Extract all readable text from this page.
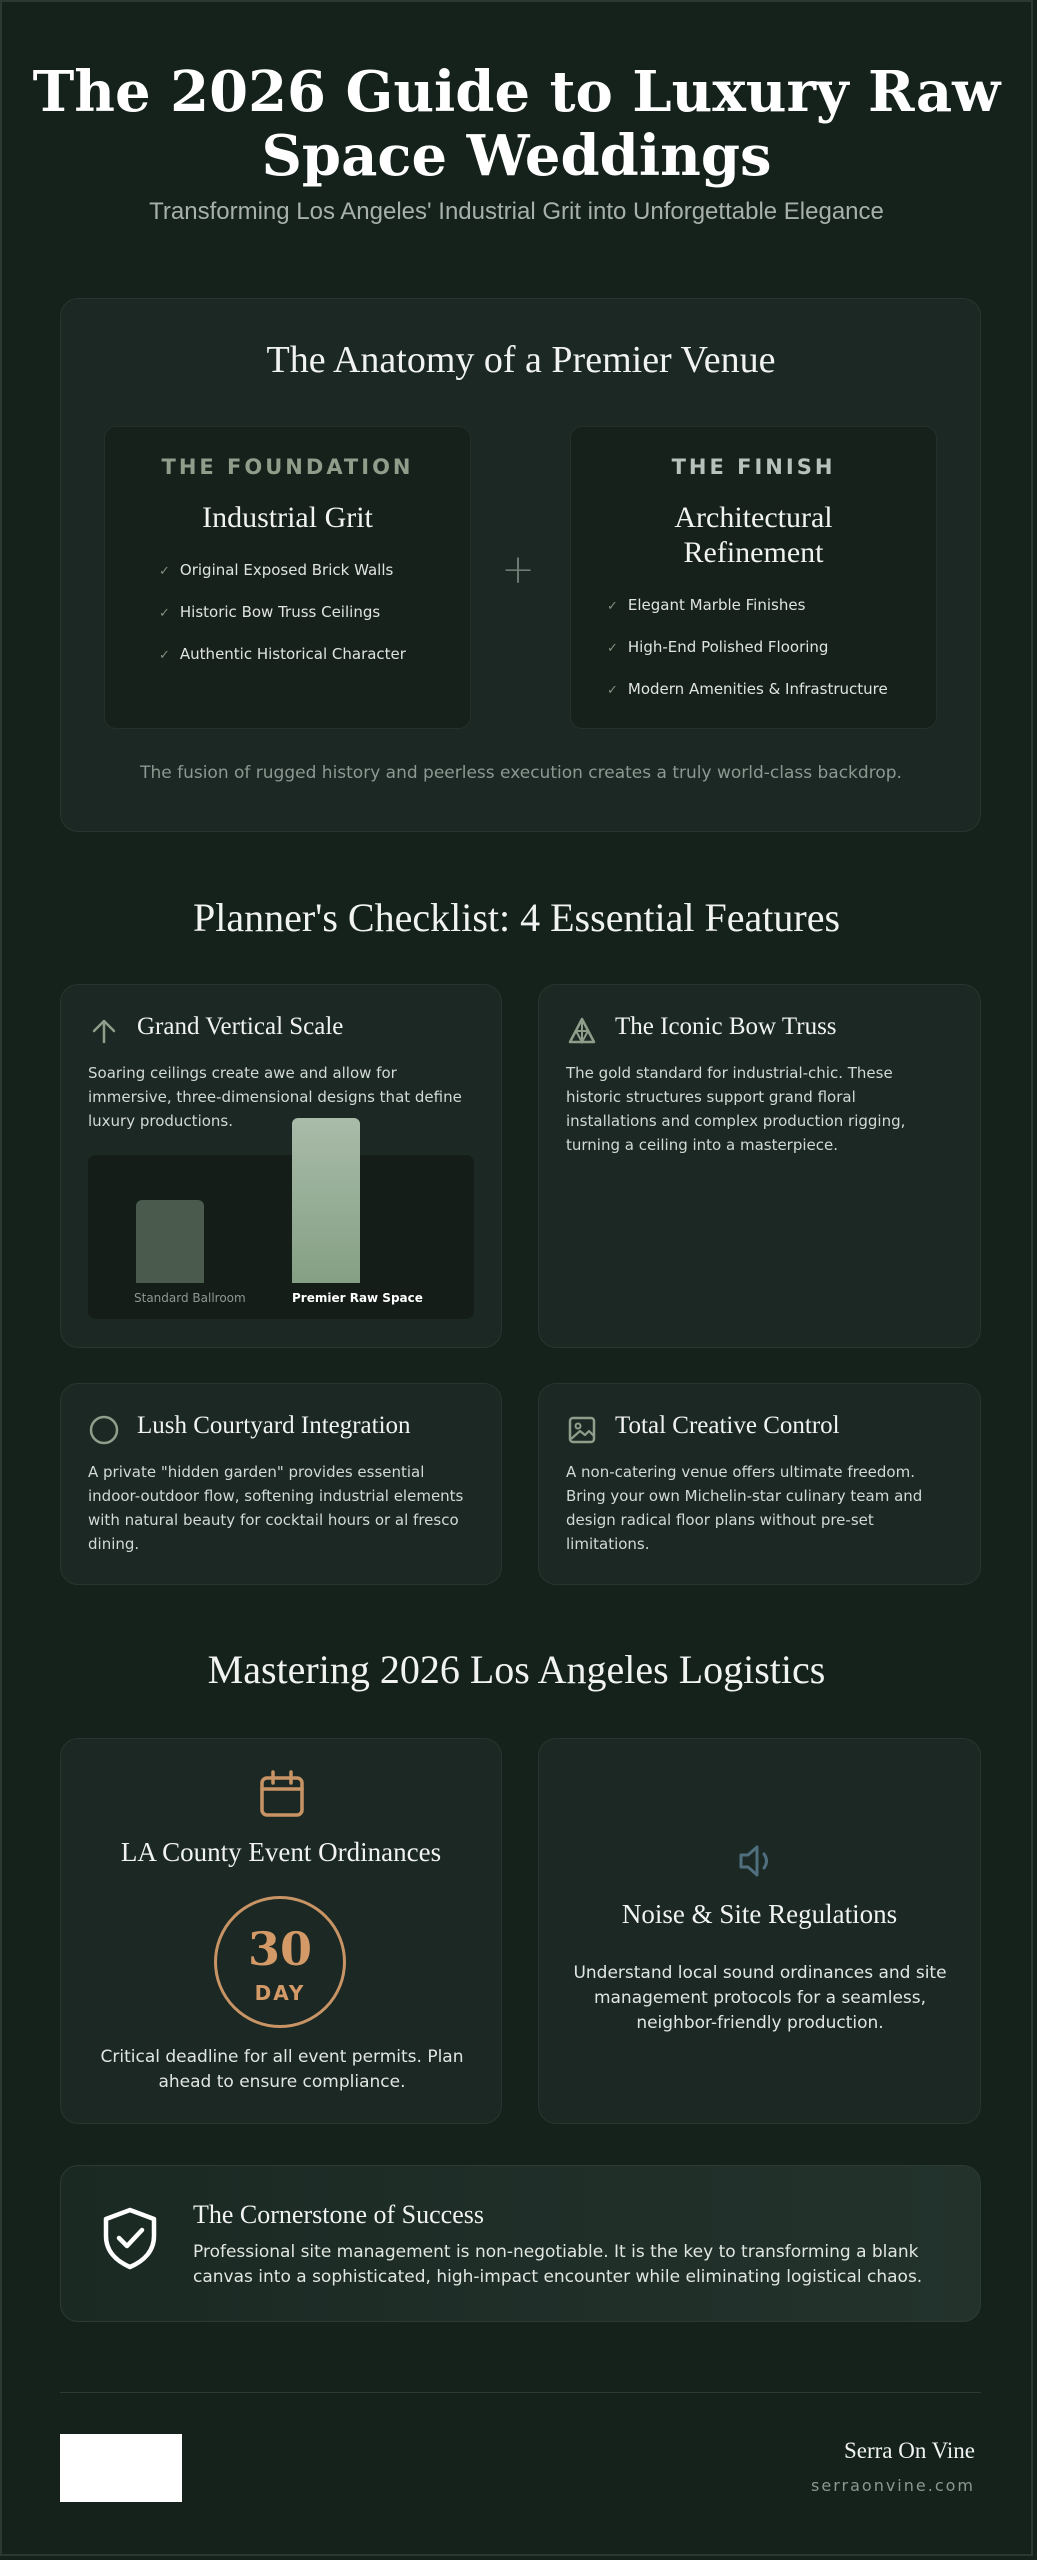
The 2026 Guide to Luxury Raw Space Weddings
Transforming Los Angeles' Industrial Grit into Unforgettable Elegance
The Anatomy of a Premier Venue
THE FOUNDATION
Industrial Grit
✓ Original Exposed Brick Walls
✓ Historic Bow Truss Ceilings
✓ Authentic Historical Character
+
THE FINISH
Architectural Refinement
✓ Elegant Marble Finishes
✓ High-End Polished Flooring
✓ Modern Amenities & Infrastructure
The fusion of rugged history and peerless execution creates a truly world-class backdrop.
Planner's Checklist: 4 Essential Features
Grand Vertical Scale
Soaring ceilings create awe and allow for immersive, three-dimensional designs that define luxury productions.
Standard Ballroom	Premier Raw Space
The Iconic Bow Truss
The gold standard for industrial-chic. These historic structures support grand floral installations and complex production rigging, turning a ceiling into a masterpiece.
Lush Courtyard Integration
A private "hidden garden" provides essential indoor-outdoor flow, softening industrial elements with natural beauty for cocktail hours or al fresco dining.
Total Creative Control
A non-catering venue offers ultimate freedom. Bring your own Michelin-star culinary team and design radical floor plans without pre-set limitations.
Mastering 2026 Los Angeles Logistics
LA County Event Ordinances
30
DAY
Critical deadline for all event permits. Plan ahead to ensure compliance.
Noise & Site Regulations
Understand local sound ordinances and site management protocols for a seamless, neighbor-friendly production.
The Cornerstone of Success
Professional site management is non-negotiable. It is the key to transforming a blank canvas into a sophisticated, high-impact encounter while eliminating logistical chaos.
Serra On Vine
serraonvine.com
